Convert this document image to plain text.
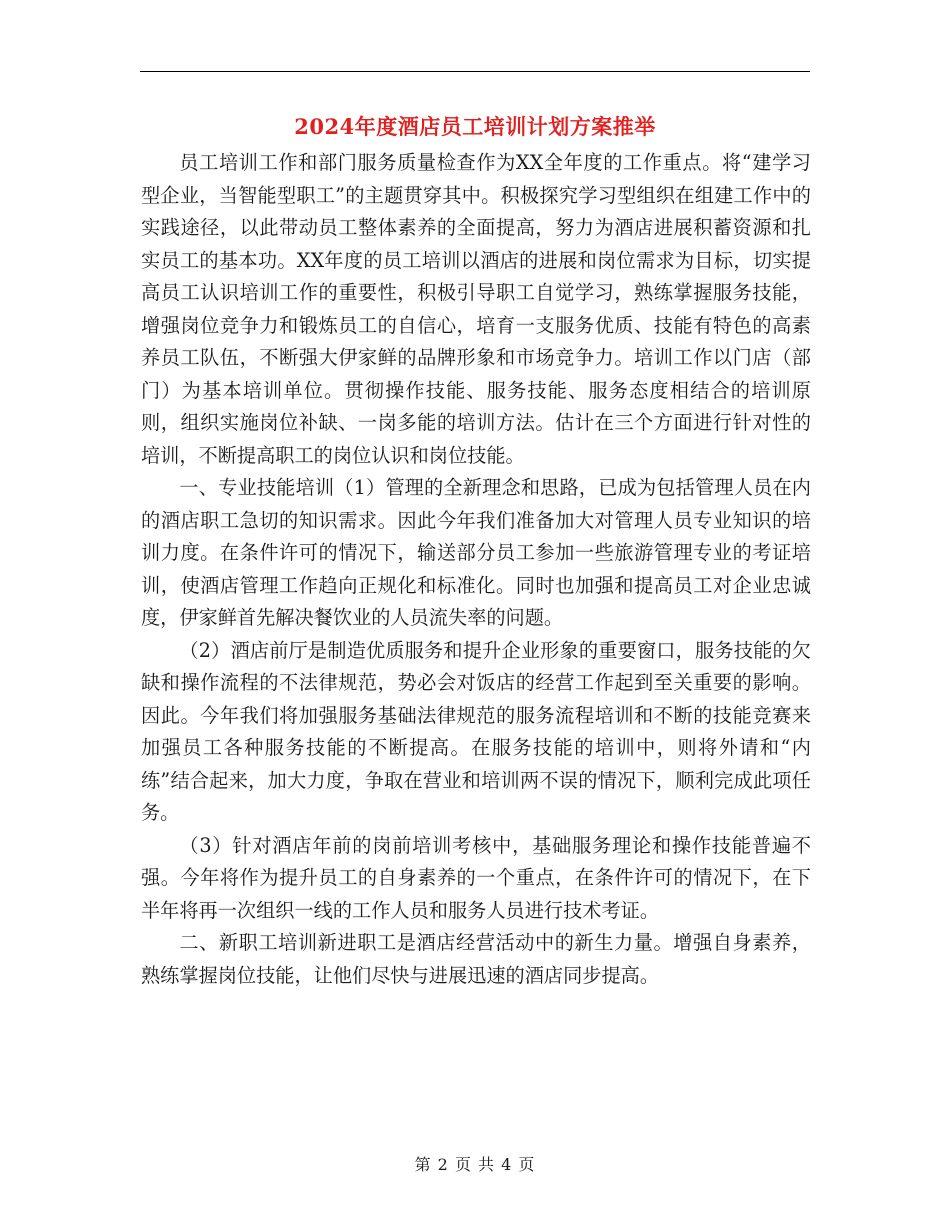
2024年度酒店员工培训计划方案推举

员工培训工作和部门服务质量检查作为XX全年度的工作重点。将“建学习型企业，当智能型职工”的主题贯穿其中。积极探究学习型组织在组建工作中的实践途径，以此带动员工整体素养的全面提高，努力为酒店进展积蓄资源和扎实员工的基本功。XX年度的员工培训以酒店的进展和岗位需求为目标，切实提高员工认识培训工作的重要性，积极引导职工自觉学习，熟练掌握服务技能，增强岗位竞争力和锻炼员工的自信心，培育一支服务优质、技能有特色的高素养员工队伍，不断强大伊家鲜的品牌形象和市场竞争力。培训工作以门店（部门）为基本培训单位。贯彻操作技能、服务技能、服务态度相结合的培训原则，组织实施岗位补缺、一岗多能的培训方法。估计在三个方面进行针对性的培训，不断提高职工的岗位认识和岗位技能。

一、专业技能培训（1）管理的全新理念和思路，已成为包括管理人员在内的酒店职工急切的知识需求。因此今年我们准备加大对管理人员专业知识的培训力度。在条件许可的情况下，输送部分员工参加一些旅游管理专业的考证培训，使酒店管理工作趋向正规化和标准化。同时也加强和提高员工对企业忠诚度，伊家鲜首先解决餐饮业的人员流失率的问题。

（2）酒店前厅是制造优质服务和提升企业形象的重要窗口，服务技能的欠缺和操作流程的不法律规范，势必会对饭店的经营工作起到至关重要的影响。因此。今年我们将加强服务基础法律规范的服务流程培训和不断的技能竞赛来加强员工各种服务技能的不断提高。在服务技能的培训中，则将外请和“内练”结合起来，加大力度，争取在营业和培训两不误的情况下，顺利完成此项任务。

（3）针对酒店年前的岗前培训考核中，基础服务理论和操作技能普遍不强。今年将作为提升员工的自身素养的一个重点，在条件许可的情况下，在下半年将再一次组织一线的工作人员和服务人员进行技术考证。

二、新职工培训新进职工是酒店经营活动中的新生力量。增强自身素养，熟练掌握岗位技能，让他们尽快与进展迅速的酒店同步提高。

第 2 页 共 4 页
